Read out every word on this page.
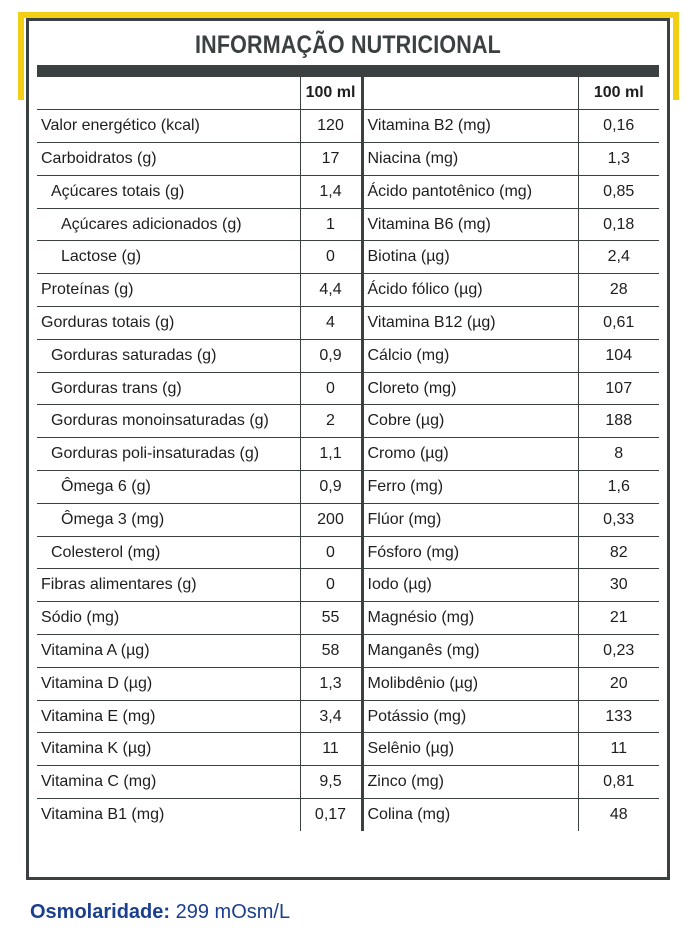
INFORMAÇÃO NUTRICIONAL
	100 ml		100 ml
Valor energético (kcal)	120	Vitamina B2 (mg)	0,16
Carboidratos (g)	17	Niacina (mg)	1,3
Açúcares totais (g)	1,4	Ácido pantotênico (mg)	0,85
Açúcares adicionados (g)	1	Vitamina B6 (mg)	0,18
Lactose (g)	0	Biotina (µg)	2,4
Proteínas (g)	4,4	Ácido fólico (µg)	28
Gorduras totais (g)	4	Vitamina B12 (µg)	0,61
Gorduras saturadas (g)	0,9	Cálcio (mg)	104
Gorduras trans (g)	0	Cloreto (mg)	107
Gorduras monoinsaturadas (g)	2	Cobre (µg)	188
Gorduras poli-insaturadas (g)	1,1	Cromo (µg)	8
Ômega 6 (g)	0,9	Ferro (mg)	1,6
Ômega 3 (mg)	200	Flúor (mg)	0,33
Colesterol (mg)	0	Fósforo (mg)	82
Fibras alimentares (g)	0	Iodo (µg)	30
Sódio (mg)	55	Magnésio (mg)	21
Vitamina A (µg)	58	Manganês (mg)	0,23
Vitamina D (µg)	1,3	Molibdênio (µg)	20
Vitamina E (mg)	3,4	Potássio (mg)	133
Vitamina K (µg)	11	Selênio (µg)	11
Vitamina C (mg)	9,5	Zinco (mg)	0,81
Vitamina B1 (mg)	0,17	Colina (mg)	48
Osmolaridade: 299 mOsm/L
